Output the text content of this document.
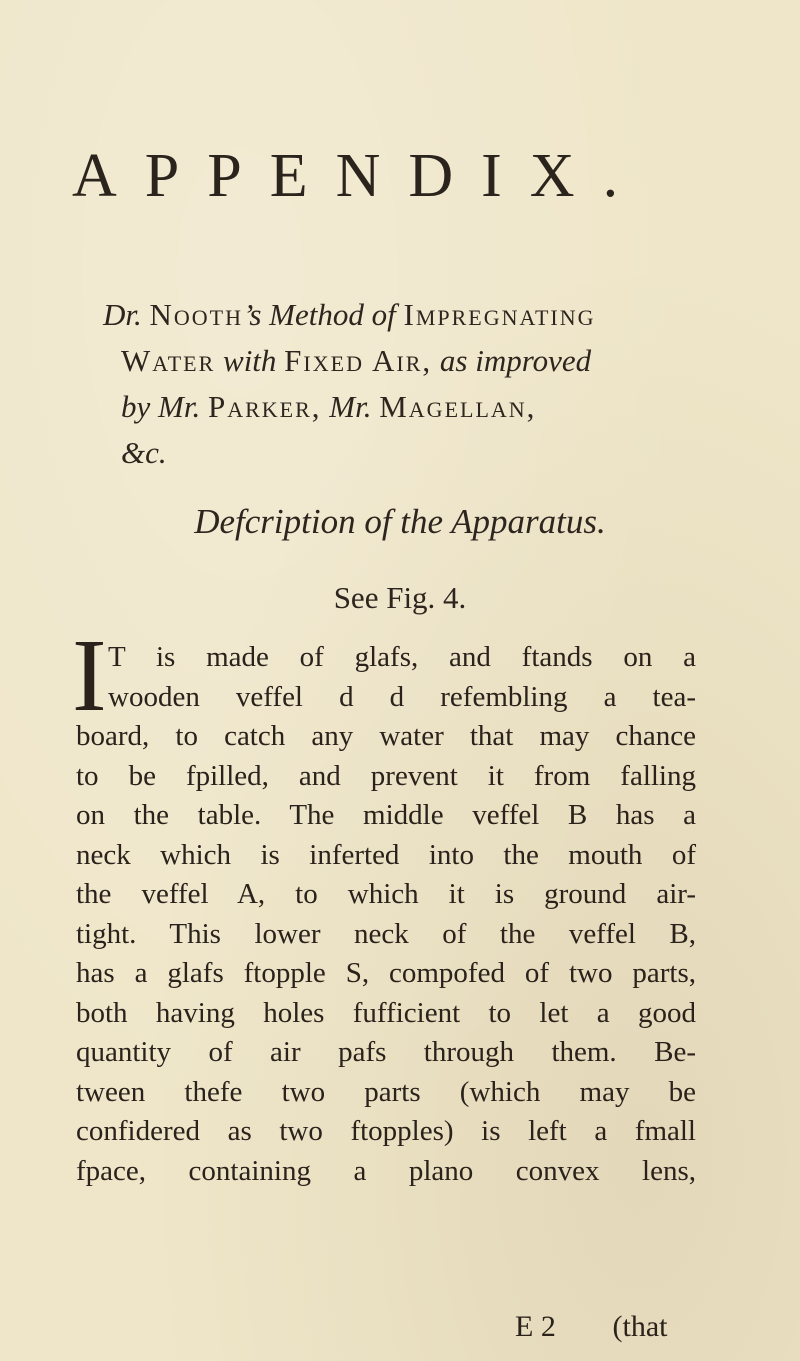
APPENDIX.
Dr. Nooth’s Method of Impregnating
Water with Fixed Air, as improved
by Mr. Parker, Mr. Magellan,
&c.
Defcription of the Apparatus.
See Fig. 4.
I T is made of glafs, and ftands on a
wooden veffel d d refembling a tea-
board, to catch any water that may chance
to be fpilled, and prevent it from falling
on the table. The middle veffel B has a
neck which is inferted into the mouth of
the veffel A, to which it is ground air-
tight. This lower neck of the veffel B,
has a glafs ftopple S, compofed of two parts,
both having holes fufficient to let a good
quantity of air pafs through them. Be-
tween thefe two parts (which may be
confidered as two ftopples) is left a fmall
fpace, containing a plano convex lens,
E 2 (that
